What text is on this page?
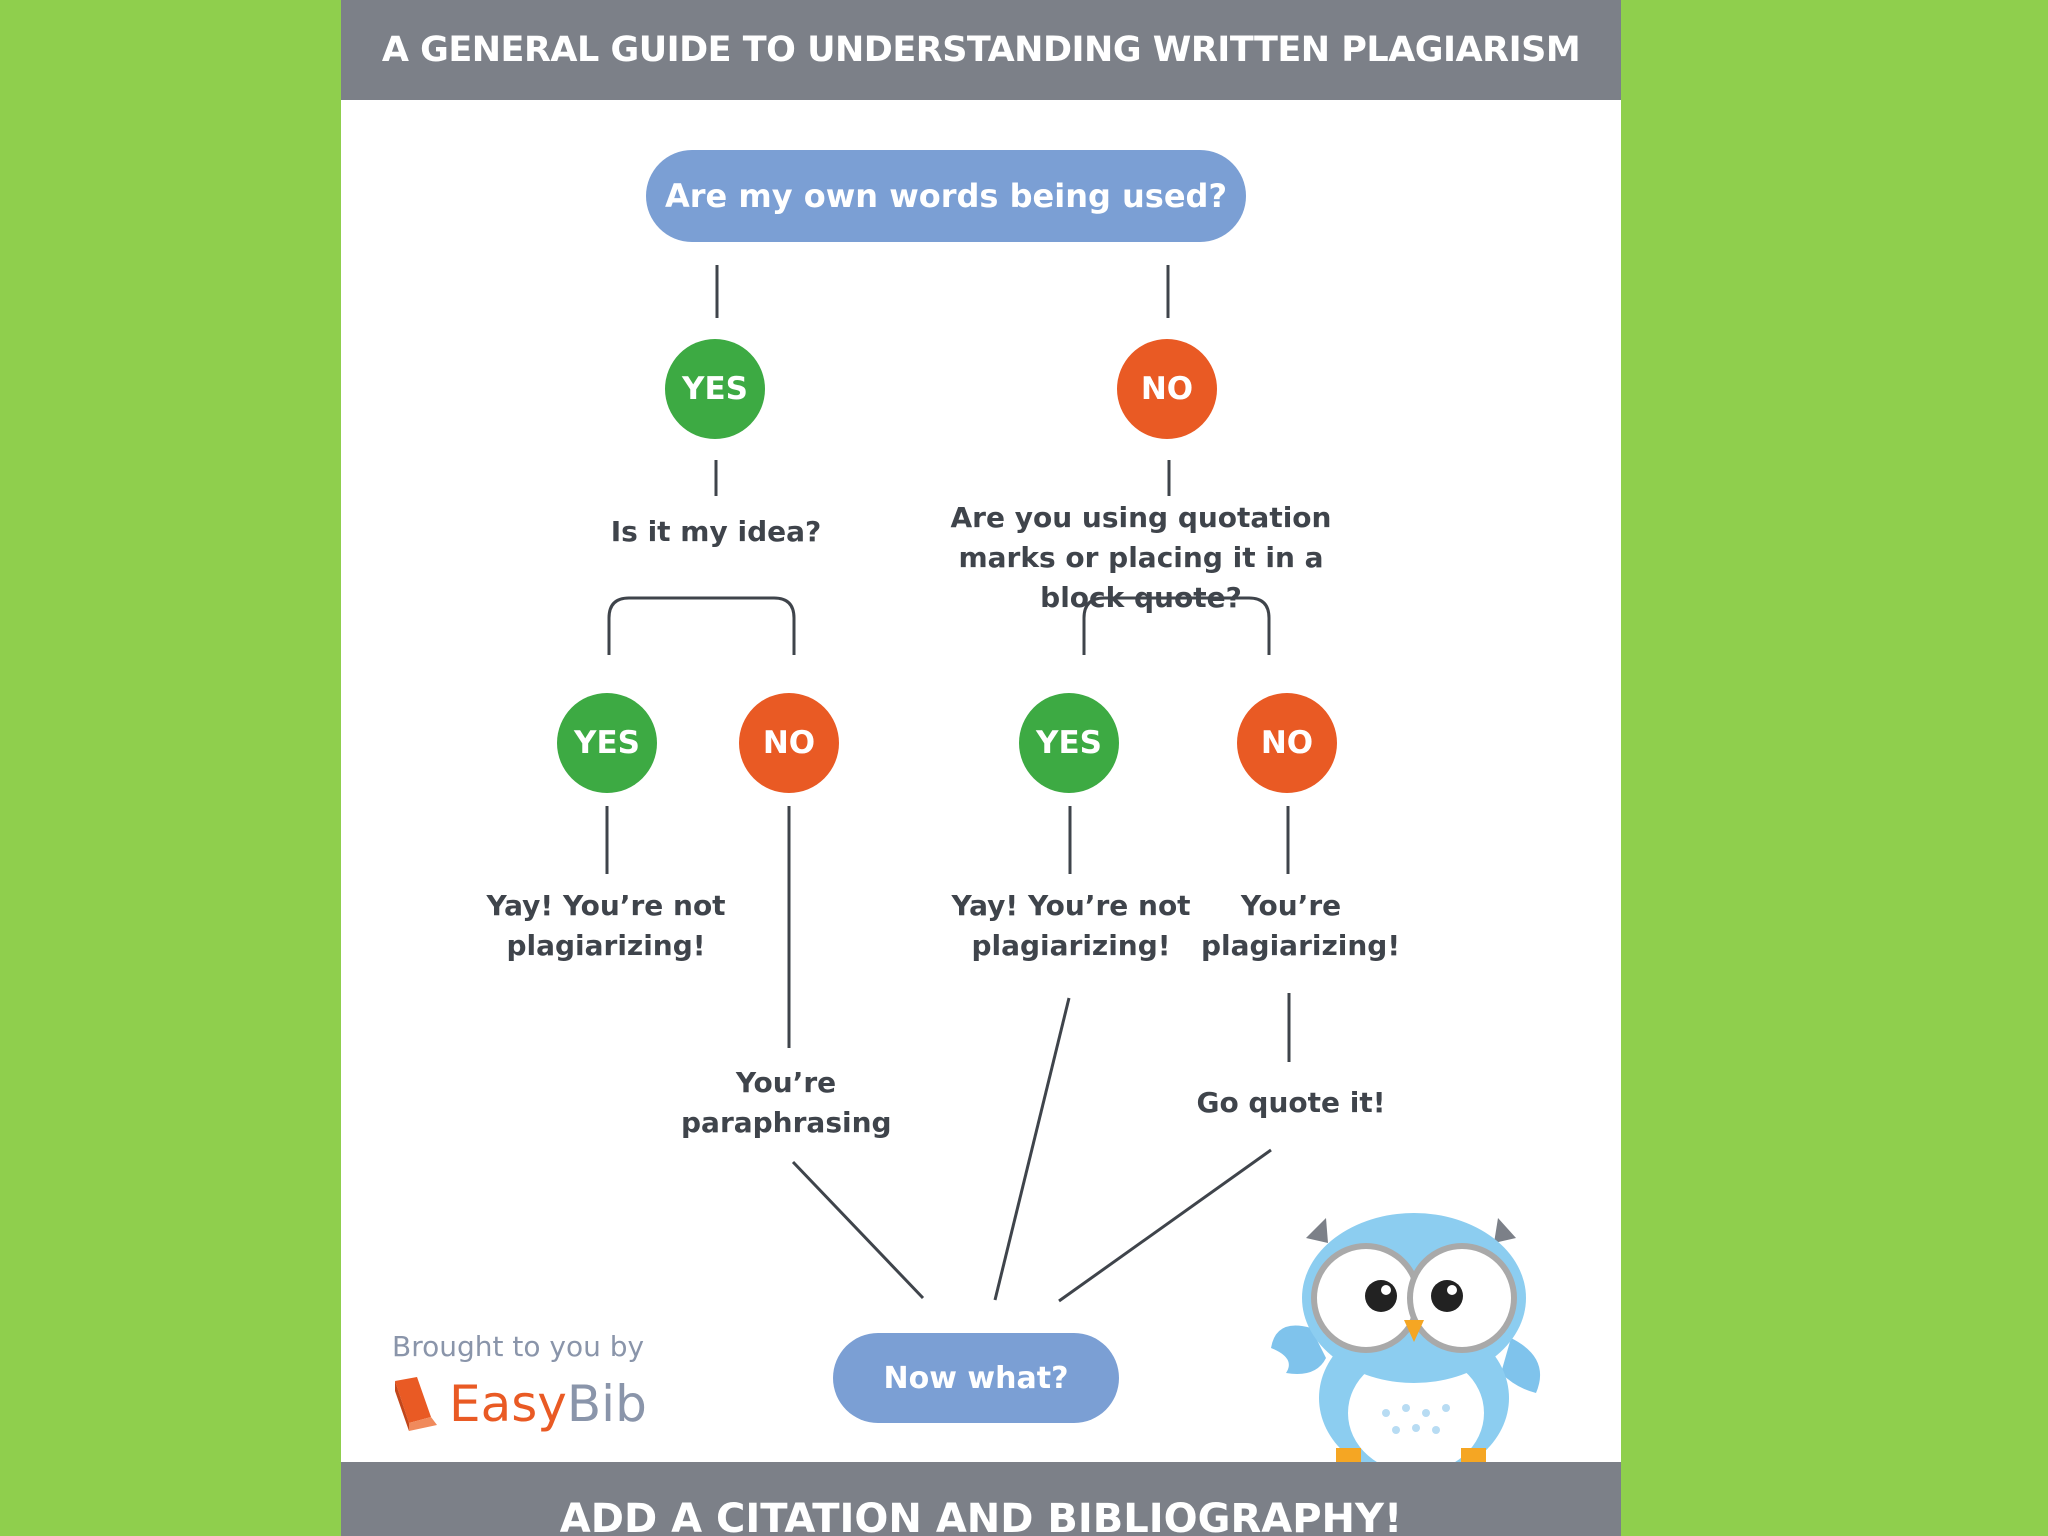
A GENERAL GUIDE TO UNDERSTANDING WRITTEN PLAGIARISM
Are my own words being used?
YES	NO
Is it my idea?	Are you using quotation marks or placing it in a block quote?
YES	NO	YES	NO
Yay! You’re not plagiarizing!
Yay! You’re not plagiarizing!
You’re plagiarizing!
You’re paraphrasing
Go quote it!
Now what?
Brought to you by
EasyBib
ADD A CITATION AND BIBLIOGRAPHY!
